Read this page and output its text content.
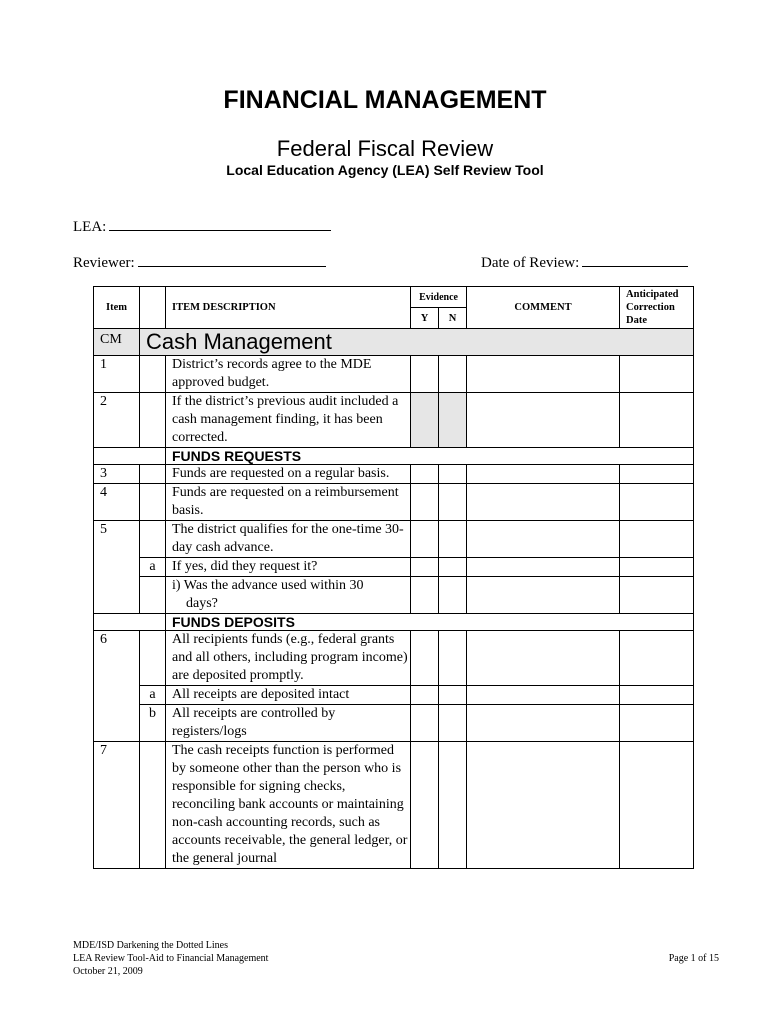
FINANCIAL MANAGEMENT
Federal Fiscal Review
Local Education Agency (LEA) Self Review Tool
LEA:
Reviewer:	Date of Review:
Item		ITEM DESCRIPTION	Evidence		COMMENT	Anticipated Correction Date
			Y	N		
CM	Cash Management					
1		District’s records agree to the MDE approved budget.				
2		If the district’s previous audit included a cash management finding, it has been corrected.				
		FUNDS REQUESTS				
3		Funds are requested on a regular basis.				
4		Funds are requested on a reimbursement basis.				
5		The district qualifies for the one-time 30-day cash advance.				
	a	If yes, did they request it?				

		i) Was the advance used within 30 days?				

		FUNDS DEPOSITS				
6		All recipients funds (e.g., federal grants and all others, including program income) are deposited promptly.				
	a	All receipts are deposited intact				
	b	All receipts are controlled by registers/logs				
7		The cash receipts function is performed by someone other than the person who is responsible for signing checks, reconciling bank accounts or maintaining non-cash accounting records, such as accounts receivable, the general ledger, or the general journal				
MDE/ISD Darkening the Dotted Lines
LEA Review Tool-Aid to Financial Management
October 21, 2009
Page 1 of 15
